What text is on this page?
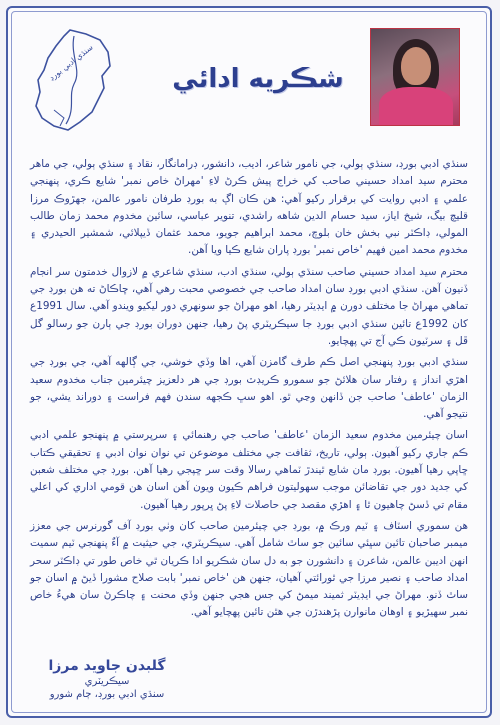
سنڌي ادبي بورڊ	شڪريه ادائي

سنڌي ادبي بورڊ، سنڌي ٻولي، جي نامور شاعر، اديب، دانشور، ڊرامانگار، نقاد ۽ سنڌي ٻولي، جي ماهر محترم سيد امداد حسيني صاحب کي خراج پيش ڪرڻ لاءِ 'مهراڻ خاص نمبر' شايع ڪري، پنهنجي علمي ۽ ادبي روايت کي برقرار رکيو آهي: هن ڪان اڳ به بورڊ طرفان نامور عالمن، جهڙوڪ مرزا قليچ بيگ، شيخ اياز، سيد حسام الدين شاهه راشدي، تنوير عباسي، سائين مخدوم محمد زمان طالب المولي، ڊاڪٽر نبي بخش خان بلوچ، محمد ابراهيم جويو، محمد عثمان ڏيپلائي، شمشير الحيدري ۽ مخدوم محمد امين فهيم 'خاص نمبر' بورڊ پاران شايع ڪيا ويا آهن.

محترم سيد امداد حسيني صاحب سنڌي ٻولي، سنڌي ادب، سنڌي شاعري ۾ لازوال خدمتون سر انجام ڏنيون آهن. سنڌي ادبي بورڊ سان امداد صاحب جي خصوصي محبت رهي آهي، ڇاڪاڻ ته هن بورڊ جي تماهي مهراڻ جا مختلف دورن ۾ ايڊيٽر رهيا، اهو مهراڻ جو سونهري دور ليکيو ويندو آهي. سال 1991ع کان 1992ع تائين سنڌي ادبي بورڊ جا سيڪريٽري پڻ رهيا، جنهن دوران بورڊ جي ٻارن جو رسالو گل ڦل ۽ سرٽيون ڪي آج تي پهچايو.

سنڌي ادبي بورڊ پنهنجي اصل ڪم طرف گامزن آهي، اها وڏي خوشي، جي ڳالهه آهي، جي بورڊ جي اهڙي انداز ۽ رفتار سان هلائڻ جو سمورو ڪريڊٽ بورڊ جي هر دلعزيز چيئرمين جناب مخدوم سعيد الزمان 'عاطف' صاحب جن ڏانهن وڃي ٿو. اهو سڀ ڪجهه سندن فهم فراست ۽ دوراند يشي، جو نتيجو آهي.

اسان چيئرمين مخدوم سعيد الزمان 'عاطف' صاحب جي رهنمائي ۽ سرپرستي ۾ پنهنجو علمي ادبي ڪم جاري رکيو آهيون. ٻولي، تاريخ، ثقافت جي مختلف موضوعن تي نوان نوان ادبي ۽ تحقيقي ڪتاب ڇاپي رهيا آهيون. بورڊ مان شايع ٿيندڙ ٽماهي رسالا وقت سر ڇپجي رهيا آهن. بورڊ جي مختلف شعبن کي جديد دور جي تقاضائن موجب سهوليتون فراهم ڪيون ويون آهن اسان هن قومي اداري کي اعلي مقام تي ڏسڻ چاهيون ٿا ۽ اهڙي مقصد جي حاصلات لاءِ پڻ ڀرپور رهيا آهيون.

هن سموري اسٽاف ۽ ٽيم ورڪ ۾، بورڊ جي چيئرمين صاحب کان وٺي بورڊ آف گورنرس جي معزز ميمبر صاحبان تائين سڀئي سائين جو ساٿ شامل آهي. سيڪريٽري، جي حيثيت ۾ آءٌ پنهنجي ٽيم سميت انهن اديبن عالمن، شاعرن ۽ دانشورن جو به دل سان شڪريو ادا ڪريان ٿي خاص طور تي ڊاڪٽر سحر امداد صاحب ۽ نصير مرزا جي ٿورائتي آهيان، جنهن هن 'خاص نمبر' بابت صلاح مشورا ڏيڻ ۾ اسان جو ساٿ ڏنو. مهراڻ جي ايڊيٽر ثميند ميمڻ کي جس هجي جنهن وڏي محنت ۽ چاڪرڻ سان هيءُ خاص نمبر سهيڙيو ۽ اوهان مانوارن پڙهندڙن جي هٿن تائين پهچايو آهي.

گلبدن جاويد مرزا
سيڪريٽري
سنڌي ادبي بورڊ، ڄام شورو
